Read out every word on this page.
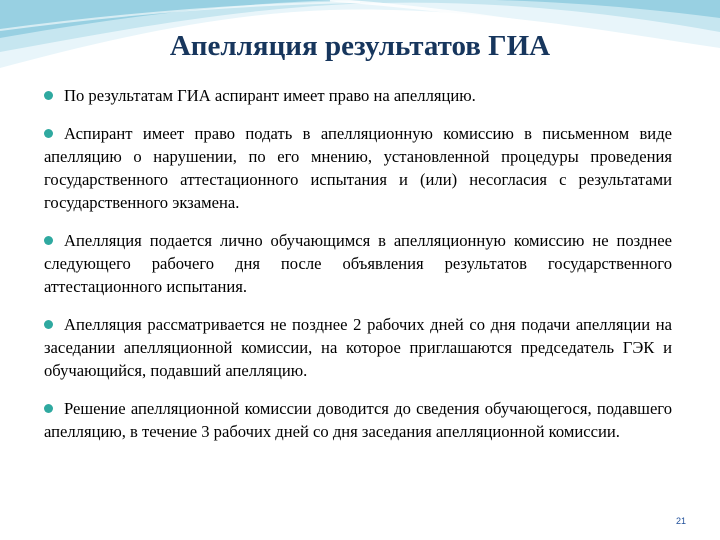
Апелляция результатов ГИА
По результатам ГИА аспирант имеет право на апелляцию.
Аспирант имеет право подать в апелляционную комиссию в письменном виде апелляцию о нарушении, по его мнению, установленной процедуры проведения государственного аттестационного испытания и (или) несогласия с результатами государственного экзамена.
Апелляция подается лично обучающимся в апелляционную комиссию не позднее следующего рабочего дня после объявления результатов государственного аттестационного испытания.
Апелляция рассматривается не позднее 2 рабочих дней со дня подачи апелляции на заседании апелляционной комиссии, на которое приглашаются председатель ГЭК и обучающийся, подавший апелляцию.
Решение апелляционной комиссии доводится до сведения обучающегося, подавшего апелляцию, в течение 3 рабочих дней со дня заседания апелляционной комиссии.
21
